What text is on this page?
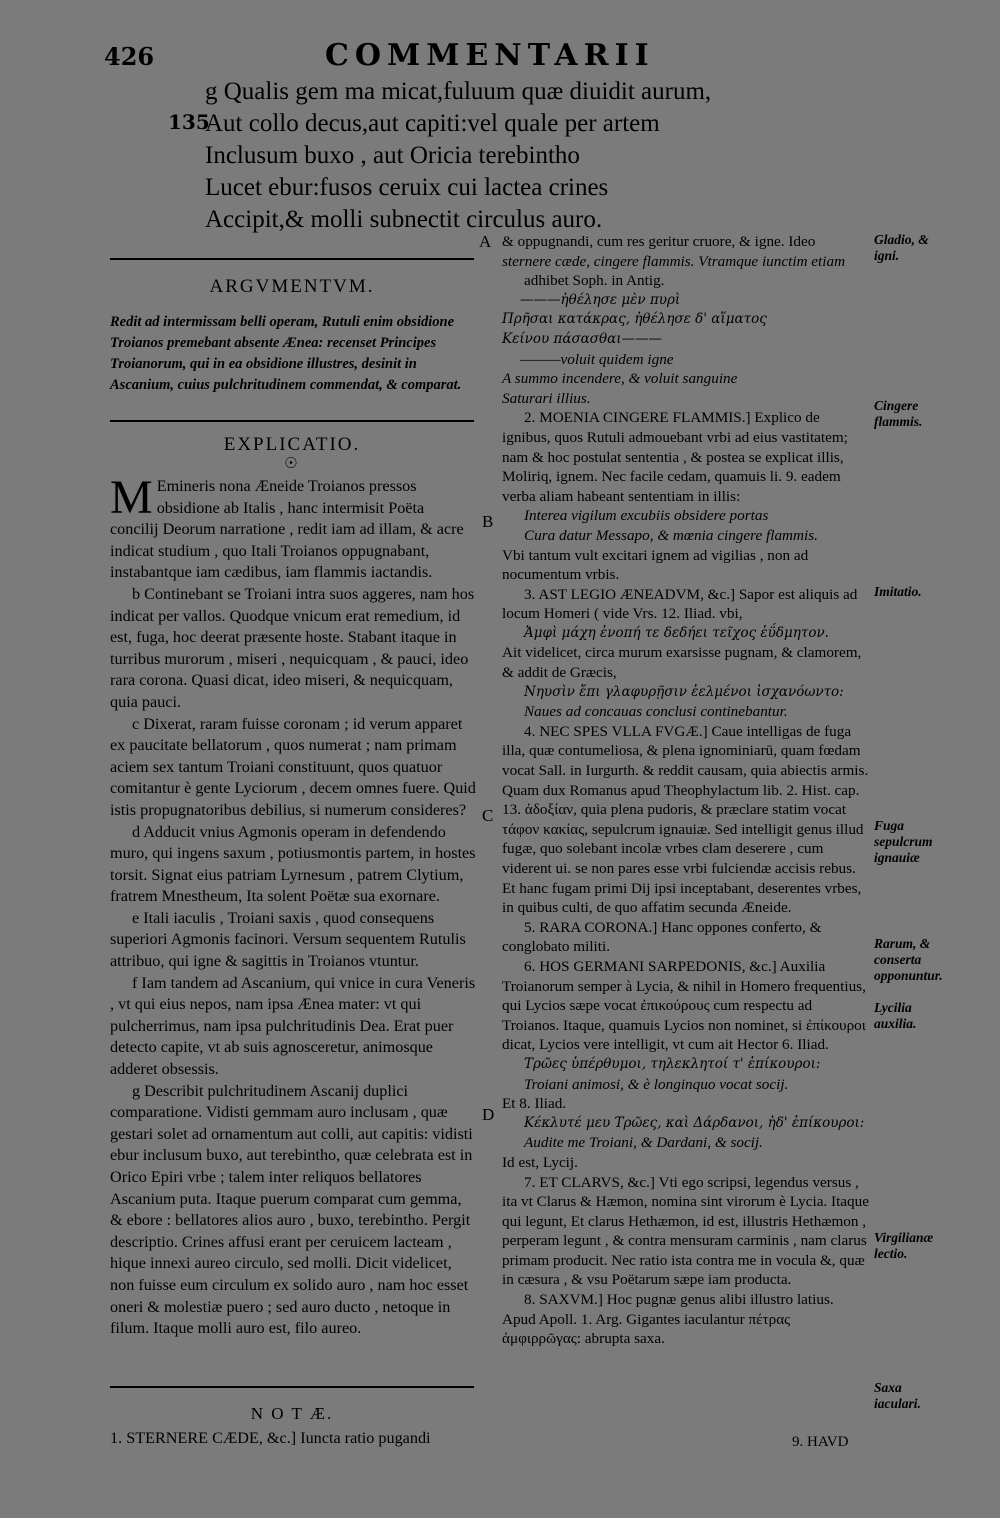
426	COMMENTARII
135
g Qualis gem ma micat,fuluum quæ diuidit aurum,
Aut collo decus,aut capiti:vel quale per artem
Inclusum buxo , aut Oricia terebintho
Lucet ebur:fusos ceruix cui lactea crines
Accipit,& molli subnectit circulus auro.
A
B
C
D
ARGVMENTVM.
Redit ad intermissam belli operam, Rutuli enim obsidione Troianos premebant absente Ænea: recenset Principes Troianorum, qui in ea obsidione illustres, desinit in Ascanium, cuius pulchritudinem commendat, & comparat.
EXPLICATIO.
☉

M Emineris nona Æneide Troianos pressos obsidione ab Italis , hanc intermisit Poëta concilij Deorum narratione , redit iam ad illam, & acre indicat studium , quo Itali Troianos oppugnabant, instabantque iam cædibus, iam flammis iactandis.

b Continebant se Troiani intra suos aggeres, nam hos indicat per vallos. Quodque vnicum erat remedium, id est, fuga, hoc deerat præsente hoste. Stabant itaque in turribus murorum , miseri , nequicquam , & pauci, ideo rara corona. Quasi dicat, ideo miseri, & nequicquam, quia pauci.

c Dixerat, raram fuisse coronam ; id verum apparet ex paucitate bellatorum , quos numerat ; nam primam aciem sex tantum Troiani constituunt, quos quatuor comitantur è gente Lyciorum , decem omnes fuere. Quid istis propugnatoribus debilius, si numerum consideres?

d Adducit vnius Agmonis operam in defendendo muro, qui ingens saxum , potiusmontis partem, in hostes torsit. Signat eius patriam Lyrnesum , patrem Clytium, fratrem Mnestheum, Ita solent Poëtæ sua exornare.

e Itali iaculis , Troiani saxis , quod consequens superiori Agmonis facinori. Versum sequentem Rutulis attribuo, qui igne & sagittis in Troianos vtuntur.

f Iam tandem ad Ascanium, qui vnice in cura Veneris , vt qui eius nepos, nam ipsa Ænea mater: vt qui pulcherrimus, nam ipsa pulchritudinis Dea. Erat puer detecto capite, vt ab suis agnosceretur, animosque adderet obsessis.

g Describit pulchritudinem Ascanij duplici comparatione. Vidisti gemmam auro inclusam , quæ gestari solet ad ornamentum aut colli, aut capitis: vidisti ebur inclusum buxo, aut terebintho, quæ celebrata est in Orico Epiri vrbe ; talem inter reliquos bellatores Ascanium puta. Itaque puerum comparat cum gemma, & ebore : bellatores alios auro , buxo, terebintho. Pergit descriptio. Crines affusi erant per ceruicem lacteam , hique innexi aureo circulo, sed molli. Dicit videlicet, non fuisse eum circulum ex solido auro , nam hoc esset oneri & molestiæ puero ; sed auro ducto , netoque in filum. Itaque molli auro est, filo aureo.

N O T Æ.
1. STERNERE CÆDE, &c.] Iuncta ratio pugandi

& oppugnandi, cum res geritur cruore, & igne. Ideo

sternere cæde, cingere flammis. Vtramque iunctim etiam

adhibet Soph. in Antig.

———ἠθέλησε μὲν πυρὶ

Πρῆσαι κατάκρας, ἠθέλησε δ' αἵματος

Κείνου πάσασθαι———

———voluit quidem igne

A summo incendere, & voluit sanguine

Saturari illius.

2. MOENIA CINGERE FLAMMIS.] Explico de ignibus, quos Rutuli admouebant vrbi ad eius vastitatem; nam & hoc postulat sententia , & postea se explicat illis, Moliriq, ignem. Nec facile cedam, quamuis li. 9. eadem verba aliam habeant sententiam in illis:

Interea vigilum excubiis obsidere portas

Cura datur Messapo, & mœnia cingere flammis.

Vbi tantum vult excitari ignem ad vigilias , non ad nocumentum vrbis.

3. AST LEGIO ÆNEADVM, &c.] Sapor est aliquis ad locum Homeri ( vide Vrs. 12. Iliad. vbi,

Ἀμφὶ μάχη ἐνοπή τε δεδήει τεῖχος ἐΰδμητον.

Ait videlicet, circa murum exarsisse pugnam, & clamorem, & addit de Græcis,

Νηυσὶν ἔπι γλαφυρῇσιν ἐελμένοι ἰσχανόωντο:

Naues ad concauas conclusi continebantur.

4. NEC SPES VLLA FVGÆ.] Caue intelligas de fuga illa, quæ contumeliosa, & plena ignominiarū, quam fœdam vocat Sall. in Iurgurth. & reddit causam, quia abiectis armis. Quam dux Romanus apud Theophylactum lib. 2. Hist. cap. 13. ἀδοξίαν, quia plena pudoris, & præclare statim vocat τάφον κακίας, sepulcrum ignauiæ. Sed intelligit genus illud fugæ, quo solebant incolæ vrbes clam deserere , cum viderent ui. se non pares esse vrbi fulciendæ accisis rebus. Et hanc fugam primi Dij ipsi inceptabant, deserentes vrbes, in quibus culti, de quo affatim secunda Æneide.

5. RARA CORONA.] Hanc oppones conferto, & conglobato militi.

6. HOS GERMANI SARPEDONIS, &c.] Auxilia Troianorum semper à Lycia, & nihil in Homero frequentius, qui Lycios sæpe vocat ἐπικούρους cum respectu ad Troianos. Itaque, quamuis Lycios non nominet, si ἐπίκουροι dicat, Lycios vere intelligit, vt cum ait Hector 6. Iliad.

Τρῶες ὑπέρθυμοι, τηλεκλητοί τ' ἐπίκουροι:

Troiani animosi, & è longinquo vocat socij.

Et 8. Iliad.

Κέκλυτέ μευ Τρῶες, καὶ Δάρδανοι, ἠδ' ἐπίκουροι:

Audite me Troiani, & Dardani, & socij.

Id est, Lycij.

7. ET CLARVS, &c.] Vti ego scripsi, legendus versus , ita vt Clarus & Hæmon, nomina sint virorum è Lycia. Itaque qui legunt, Et clarus Hethæmon, id est, illustris Hethæmon , perperam legunt , & contra mensuram carminis , nam clarus primam producit. Nec ratio ista contra me in vocula &, quæ in cæsura , & vsu Poëtarum sæpe iam producta.

8. SAXVM.] Hoc pugnæ genus alibi illustro latius. Apud Apoll. 1. Arg. Gigantes iaculantur πέτρας ἀμφιρρῶγας: abrupta saxa.

9. HAVD
Gladio, & igni.
Cingere flammis.
Imitatio.
Fuga sepulcrum ignauiæ
Rarum, & conserta opponuntur.
Lycilia auxilia.
Virgilianæ lectio.
Saxa iaculari.
